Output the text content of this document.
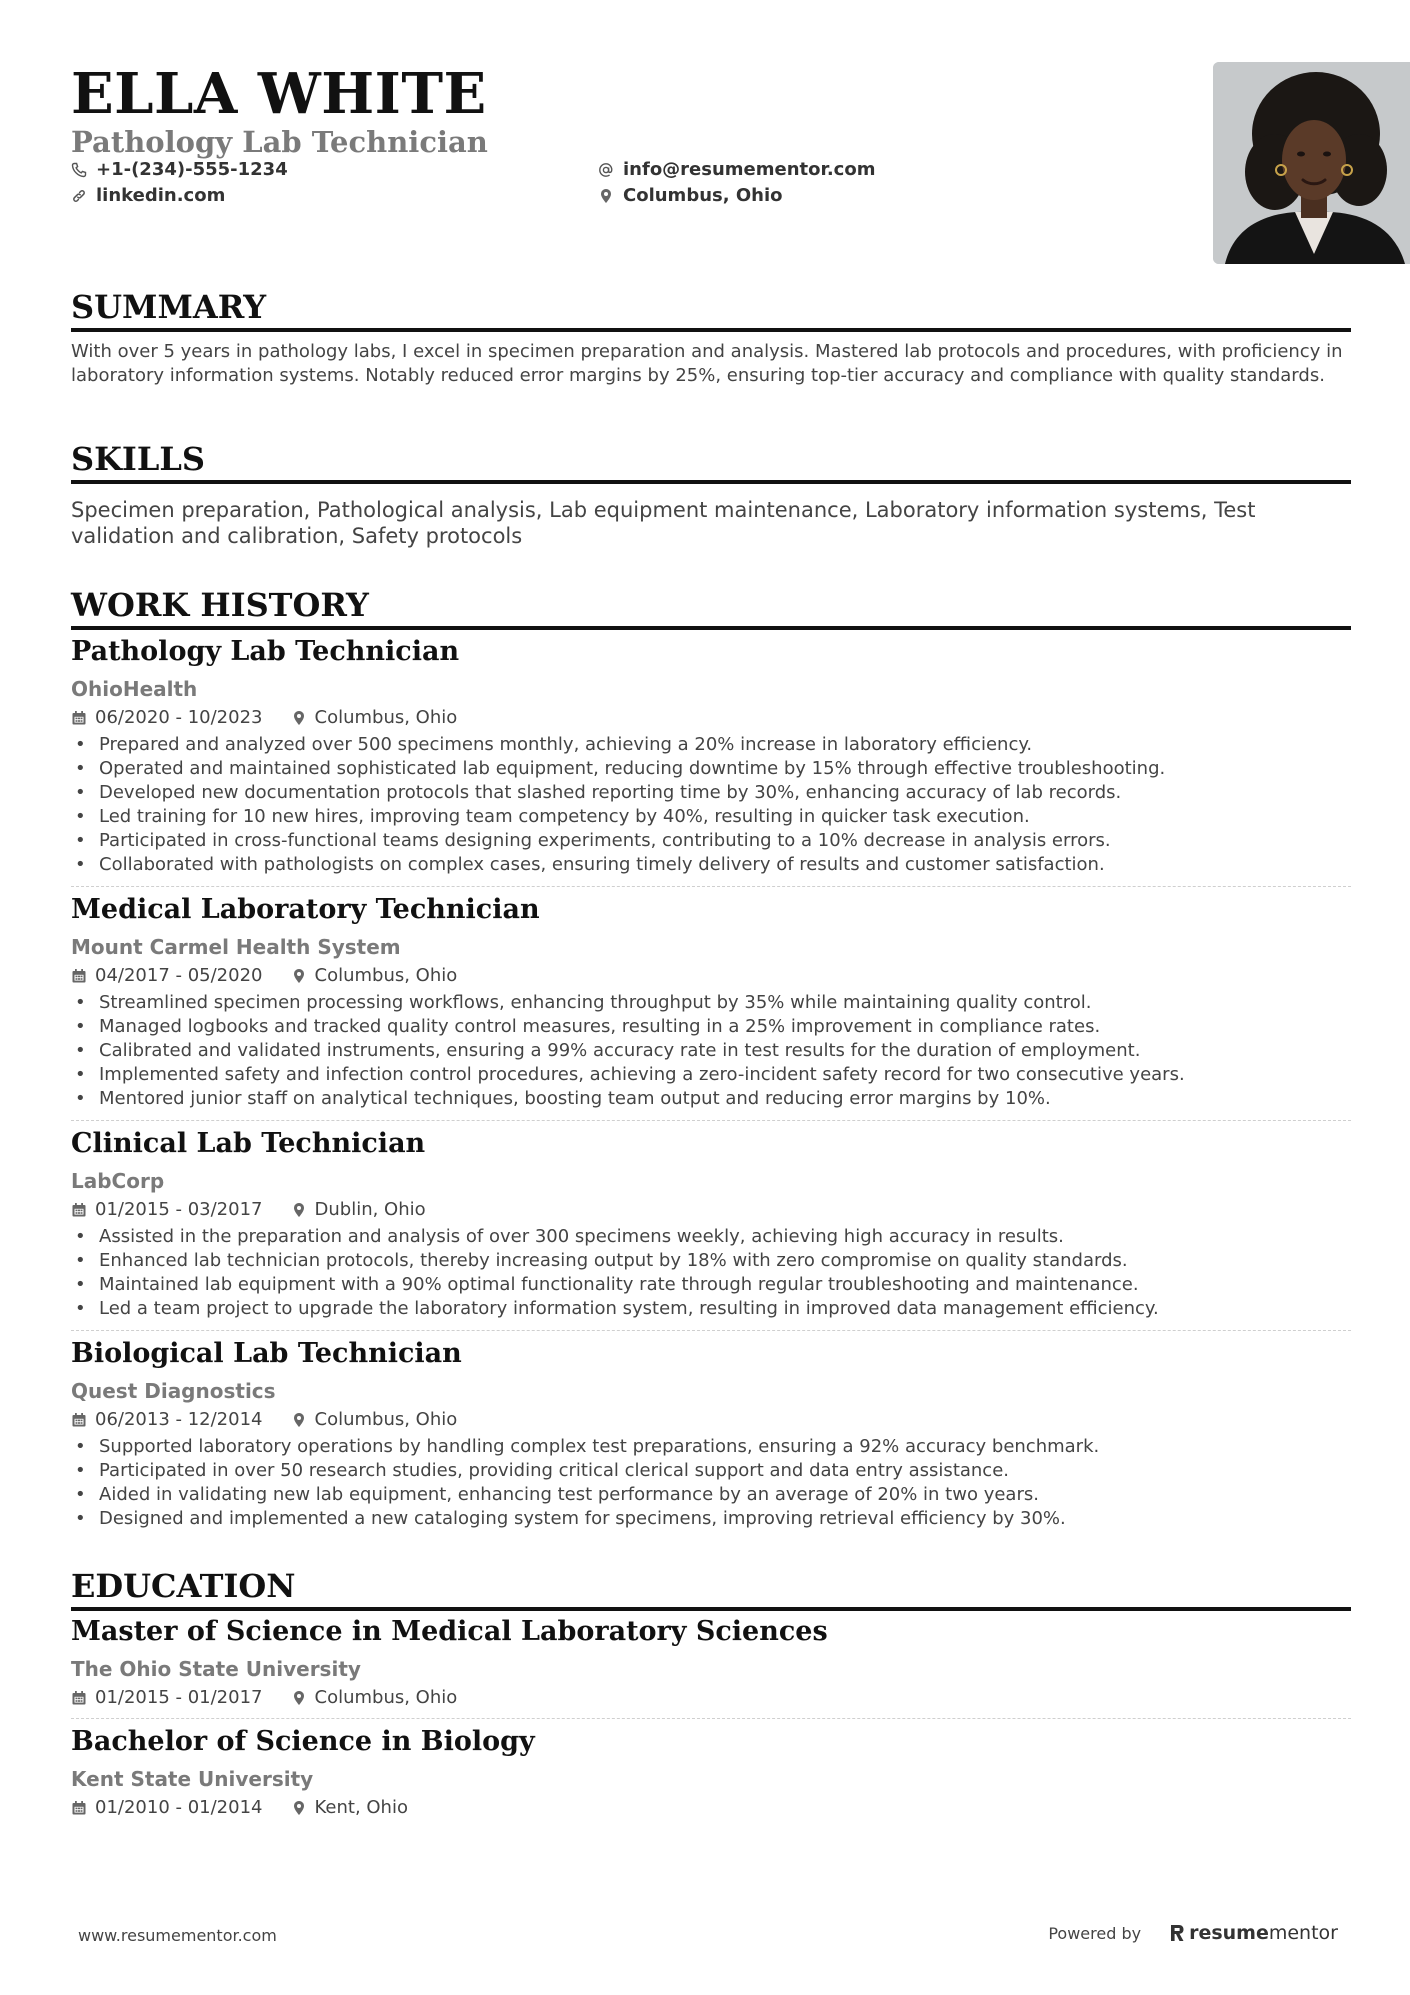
ELLA WHITE
Pathology Lab Technician
+1-(234)-555-1234	info@resumementor.com
linkedin.com	Columbus, Ohio
SUMMARY

With over 5 years in pathology labs, I excel in specimen preparation and analysis. Mastered lab protocols and procedures, with proficiency in laboratory information systems. Notably reduced error margins by 25%, ensuring top-tier accuracy and compliance with quality standards.

SKILLS

Specimen preparation, Pathological analysis, Lab equipment maintenance, Laboratory information systems, Test validation and calibration, Safety protocols

WORK HISTORY
Pathology Lab Technician
OhioHealth
06/2020 - 10/2023	Columbus, Ohio
• Prepared and analyzed over 500 specimens monthly, achieving a 20% increase in laboratory efficiency.
• Operated and maintained sophisticated lab equipment, reducing downtime by 15% through effective troubleshooting.
• Developed new documentation protocols that slashed reporting time by 30%, enhancing accuracy of lab records.
• Led training for 10 new hires, improving team competency by 40%, resulting in quicker task execution.
• Participated in cross-functional teams designing experiments, contributing to a 10% decrease in analysis errors.
• Collaborated with pathologists on complex cases, ensuring timely delivery of results and customer satisfaction.
Medical Laboratory Technician
Mount Carmel Health System
04/2017 - 05/2020	Columbus, Ohio
• Streamlined specimen processing workflows, enhancing throughput by 35% while maintaining quality control.
• Managed logbooks and tracked quality control measures, resulting in a 25% improvement in compliance rates.
• Calibrated and validated instruments, ensuring a 99% accuracy rate in test results for the duration of employment.
• Implemented safety and infection control procedures, achieving a zero-incident safety record for two consecutive years.
• Mentored junior staff on analytical techniques, boosting team output and reducing error margins by 10%.
Clinical Lab Technician
LabCorp
01/2015 - 03/2017	Dublin, Ohio
• Assisted in the preparation and analysis of over 300 specimens weekly, achieving high accuracy in results.
• Enhanced lab technician protocols, thereby increasing output by 18% with zero compromise on quality standards.
• Maintained lab equipment with a 90% optimal functionality rate through regular troubleshooting and maintenance.
• Led a team project to upgrade the laboratory information system, resulting in improved data management efficiency.
Biological Lab Technician
Quest Diagnostics
06/2013 - 12/2014	Columbus, Ohio
• Supported laboratory operations by handling complex test preparations, ensuring a 92% accuracy benchmark.
• Participated in over 50 research studies, providing critical clerical support and data entry assistance.
• Aided in validating new lab equipment, enhancing test performance by an average of 20% in two years.
• Designed and implemented a new cataloging system for specimens, improving retrieval efficiency by 30%.
EDUCATION
Master of Science in Medical Laboratory Sciences
The Ohio State University
01/2015 - 01/2017	Columbus, Ohio
Bachelor of Science in Biology
Kent State University
01/2010 - 01/2014	Kent, Ohio
www.resumementor.com	Powered by	resume mentor
